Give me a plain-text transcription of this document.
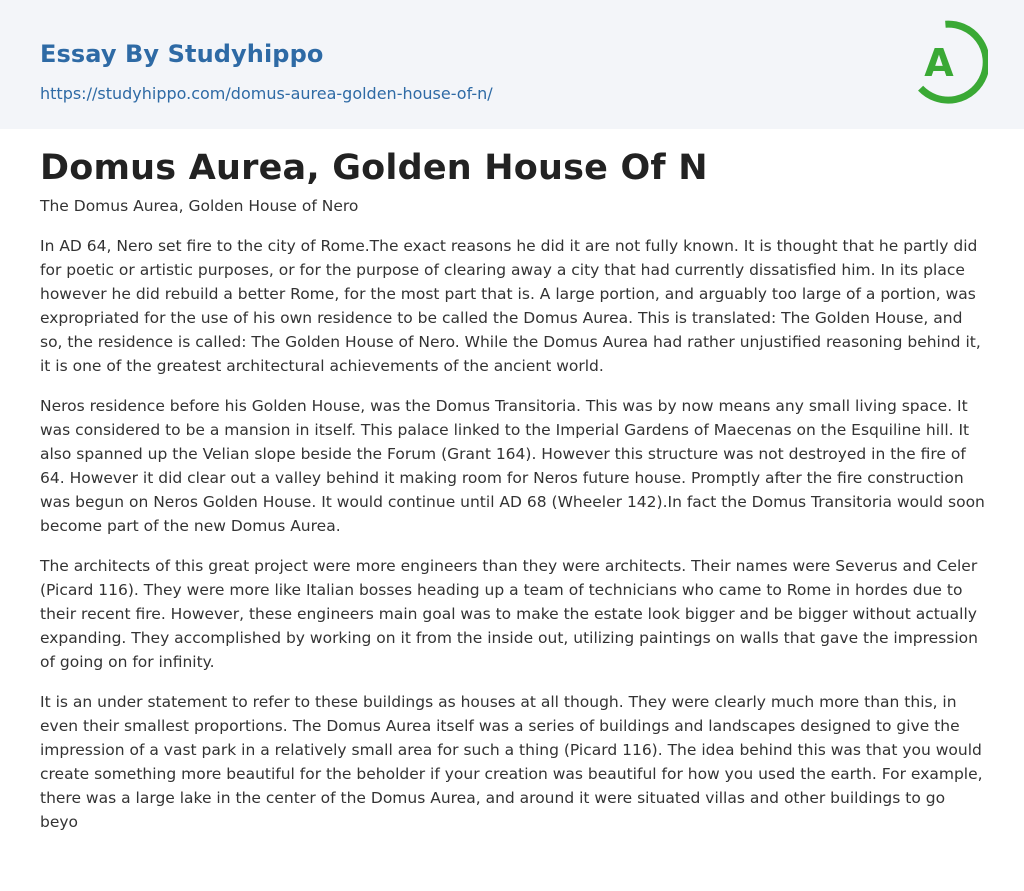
Essay By Studyhippo
https://studyhippo.com/domus-aurea-golden-house-of-n/
A
Domus Aurea, Golden House Of N

The Domus Aurea, Golden House of Nero

In AD 64, Nero set fire to the city of Rome.The exact reasons he did it are not fully known. It is thought that he partly did for poetic or artistic purposes, or for the purpose of clearing away a city that had currently dissatisfied him. In its place however he did rebuild a better Rome, for the most part that is. A large portion, and arguably too large of a portion, was expropriated for the use of his own residence to be called the Domus Aurea. This is translated: The Golden House, and so, the residence is called: The Golden House of Nero. While the Domus Aurea had rather unjustified reasoning behind it, it is one of the greatest architectural achievements of the ancient world.

Neros residence before his Golden House, was the Domus Transitoria. This was by now means any small living space. It was considered to be a mansion in itself. This palace linked to the Imperial Gardens of Maecenas on the Esquiline hill. It also spanned up the Velian slope beside the Forum (Grant 164). However this structure was not destroyed in the fire of 64. However it did clear out a valley behind it making room for Neros future house. Promptly after the fire construction was begun on Neros Golden House. It would continue until AD 68 (Wheeler 142).In fact the Domus Transitoria would soon become part of the new Domus Aurea.

The architects of this great project were more engineers than they were architects. Their names were Severus and Celer (Picard 116). They were more like Italian bosses heading up a team of technicians who came to Rome in hordes due to their recent fire. However, these engineers main goal was to make the estate look bigger and be bigger without actually expanding. They accomplished by working on it from the inside out, utilizing paintings on walls that gave the impression of going on for infinity.

It is an under statement to refer to these buildings as houses at all though. They were clearly much more than this, in even their smallest proportions. The Domus Aurea itself was a series of buildings and landscapes designed to give the impression of a vast park in a relatively small area for such a thing (Picard 116). The idea behind this was that you would create something more beautiful for the beholder if your creation was beautiful for how you used the earth. For example, there was a large lake in the center of the Domus Aurea, and around it were situated villas and other buildings to go beyo
